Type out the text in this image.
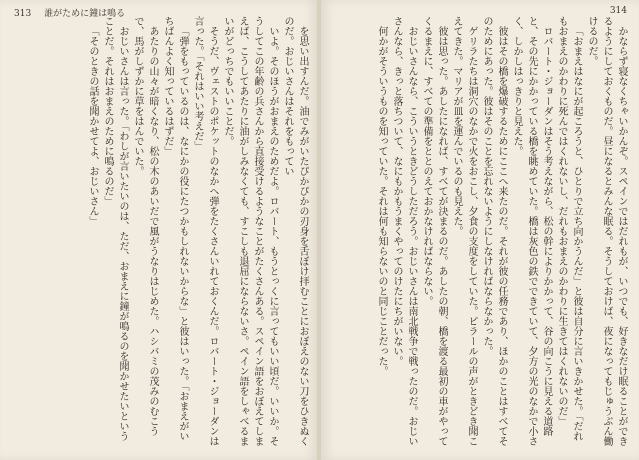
313 誰がために鐘は鳴る

を思い出すんだ。油でみがいたぴかぴかの刃身を舌ぼけ拝むことにおぼえのない刀をひきぬくのだ。おじいさんはそれをもってい

いよ。そのほうがおまえのためだよ。ロバート、もうとっくに言ってもいい頃だ。いいか。そうしてこの年齢の兵さんから直接受けるようなことがたくさんある。スペイン語をおぼえてしまえば、こうしてあたりに油がしみなくても、すこしも退屈にならないさ。ペイン語をしゃべるまいがどっちでもいいことだ。

そうだ、ヴェストのポケットのなかへ弾をたくさんいれておくんだ。ロバート・ジョーダンは言った。「それはいい考えだ」

「弾をもっているのは、なにかの役にたつかもしれないからな」と彼はいった。「おまえがいちばんよく知っているはずだ」

あたりの山々が暗くなり、松の木のあいだで風がうなりはじめた。ハシバミの茂みのむこうで、馬がしずかに草をはんでいた。

おじいさんは言った。「わしが言いたいのは、ただ、おまえに鐘が鳴るのを聞かせたいということだ。それはおまえのために鳴るのだ」

「そのときの話を聞かせてよ、おじいさん」

314

かならず寝なくちゃいかんぞ。スペインではだれもが、いつでも、好きなだけ眠ることができるようにしておくものだ。昼になるとみんな眠る。そうしておけば、夜になってもじゅうぶん働けるのだ。

「おまえはなにが起ころうと、ひとりで立ち向かうんだ」と彼は自分に言いきかせた。「だれもおまえのかわりに死んではくれないし、だれもおまえのかわりに生きてはくれないのだ」

ロバート・ジョーダンはそう考えながら、松の幹によりかかって、谷の向こうに見える道路と、その先にかかっている橋を眺めていた。橋は灰色の鉄でできていて、夕方の光のなかで小さく、しかしはっきりと見えた。

彼はその橋を爆破するためにここへ来たのだ。それが彼の任務であり、ほかのことはすべてそのためにあった。彼はそのことを忘れないようにしなければならなかった。

ゲリラたちは洞穴のなかで火をおこし、夕食の支度をしていた。ピラールの声がときどき聞こえてきた。マリアが皿を運んでいるのも見えた。

彼は思った。あしたになれば、すべてが決まるのだ。あしたの朝、橋を渡る最初の車がやってくるまえに、すべての準備をととのえておかなければならない。

おじいさんなら、こういうときどうしただろう。おじいさんは南北戦争で戦ったのだ。おじいさんなら、きっと落ちついて、なにもかもうまくやってのけたにちがいない。

何かがそういうものを知っていた。それは何も知らないのと同じことだった。
